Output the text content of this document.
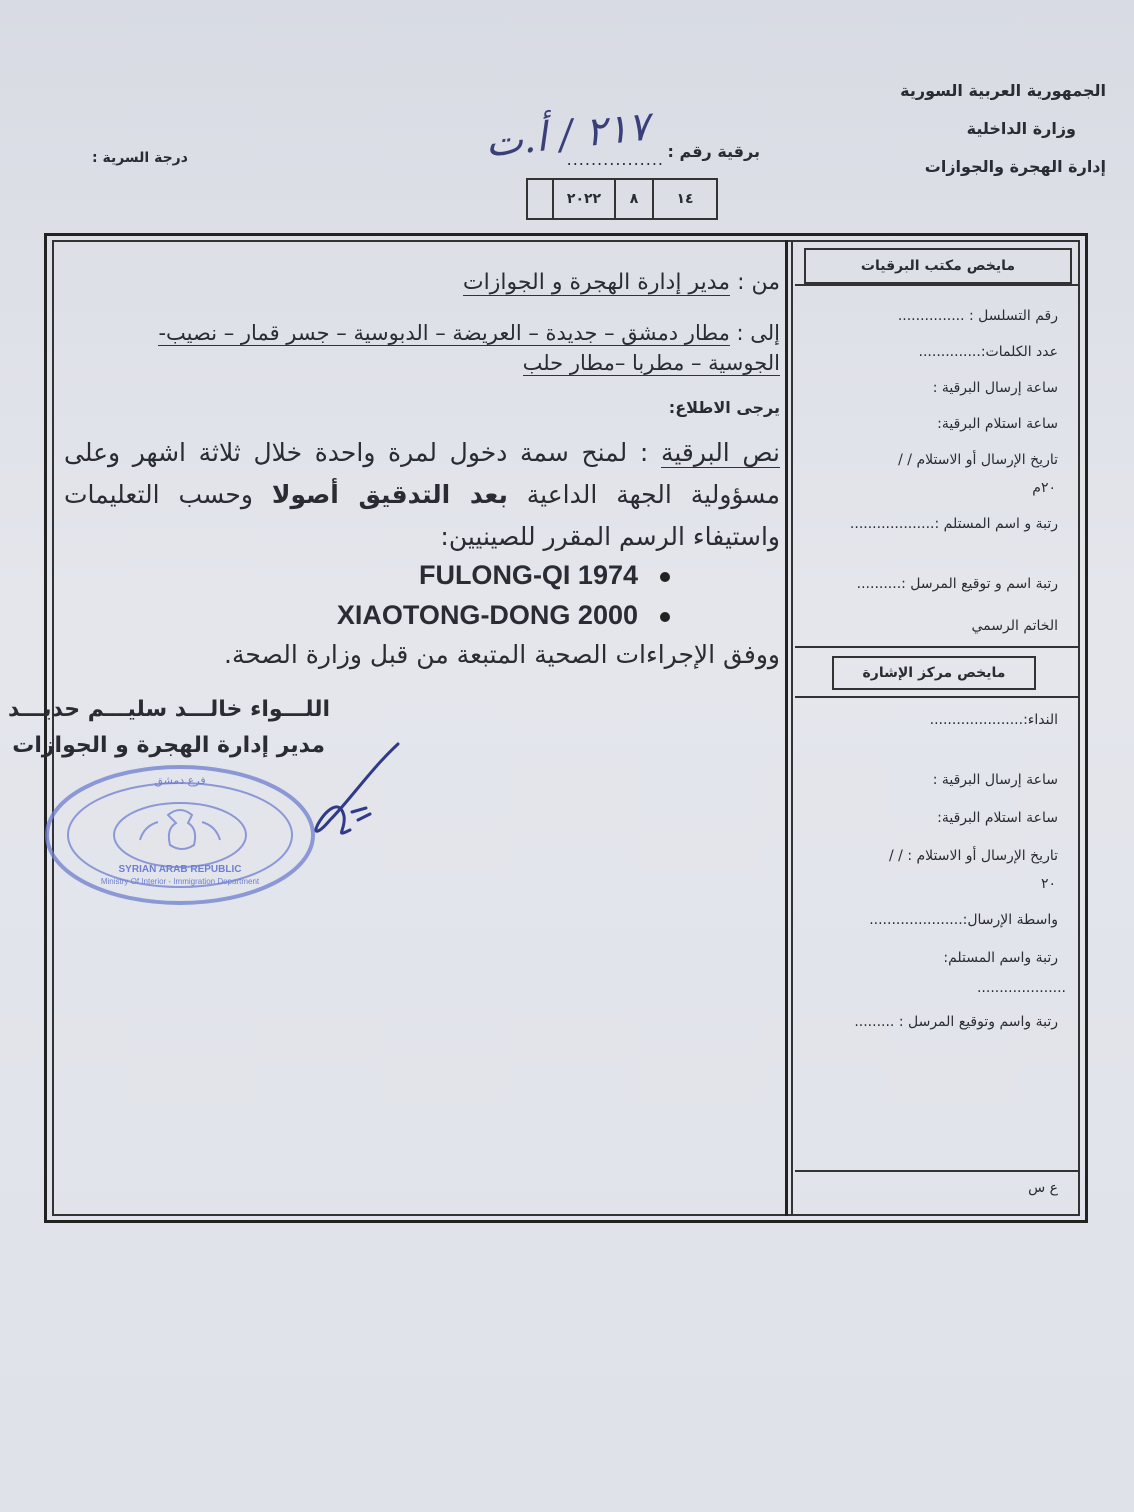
الجمهورية العربية السورية
وزارة الداخلية
إدارة الهجرة والجوازات
برقية رقم :
................
٢١٧ / أ.ت
درجة السرية :
١٤
٨
٢٠٢٢
من : مدير إدارة الهجرة و الجوازات
إلى : مطار دمشق – جديدة – العريضة – الدبوسية – جسر قمار – نصيب- الجوسية – مطربا –مطار حلب
يرجى الاطلاع:
نص البرقية : لمنح سمة دخول لمرة واحدة خلال ثلاثة اشهر وعلى مسؤولية الجهة الداعية بعد التدقيق أصولا وحسب التعليمات واستيفاء الرسم المقرر للصينيين:
FULONG-QI 1974
XIAOTONG-DONG 2000
ووفق الإجراءات الصحية المتبعة من قبل وزارة الصحة.
اللـــواء خالـــد سليـــم حديـــد
مدير إدارة الهجرة و الجوازات
SYRIAN ARAB REPUBLIC
Ministry Of Interior - Immigration Department
فرع دمشق
مايخص مكتب البرقيات
رقم التسلسل : ...............
عدد الكلمات:..............
ساعة إرسال البرقية :
ساعة استلام البرقية:
تاريخ الإرسال أو الاستلام / /
٢٠م
رتبة و اسم المستلم :...................
رتبة اسم و توقيع المرسل :..........
الخاتم الرسمي
مايخص مركز الإشارة
النداء:.....................
ساعة إرسال البرقية :
ساعة استلام البرقية:
تاريخ الإرسال أو الاستلام : / /
٢٠
واسطة الإرسال:.....................
رتبة واسم المستلم:
....................
رتبة واسم وتوقيع المرسل : .........
ع س
